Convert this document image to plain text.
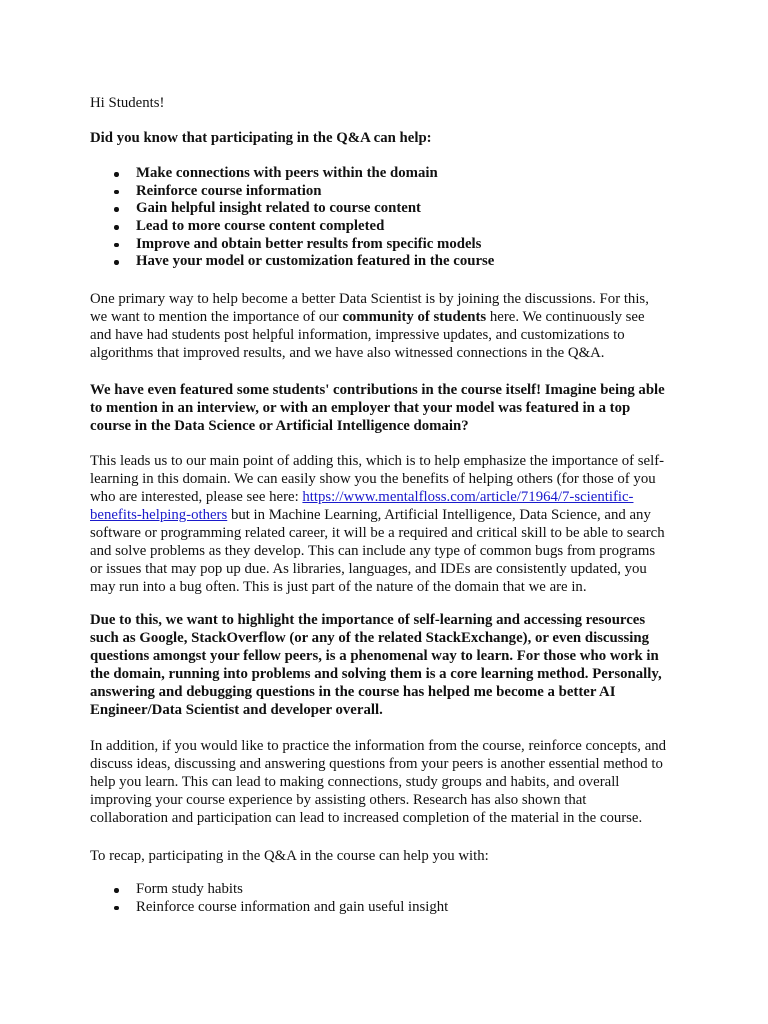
Hi Students!

Did you know that participating in the Q&A can help:

Make connections with peers within the domain
Reinforce course information
Gain helpful insight related to course content
Lead to more course content completed
Improve and obtain better results from specific models
Have your model or customization featured in the course
One primary way to help become a better Data Scientist is by joining the discussions. For this,
we want to mention the importance of our community of students here. We continuously see
and have had students post helpful information, impressive updates, and customizations to
algorithms that improved results, and we have also witnessed connections in the Q&A.
We have even featured some students' contributions in the course itself! Imagine being able
to mention in an interview, or with an employer that your model was featured in a top
course in the Data Science or Artificial Intelligence domain?
This leads us to our main point of adding this, which is to help emphasize the importance of self-
learning in this domain. We can easily show you the benefits of helping others (for those of you
who are interested, please see here: https://www.mentalfloss.com/article/71964/7-scientific-
benefits-helping-others but in Machine Learning, Artificial Intelligence, Data Science, and any
software or programming related career, it will be a required and critical skill to be able to search
and solve problems as they develop. This can include any type of common bugs from programs
or issues that may pop up due. As libraries, languages, and IDEs are consistently updated, you
may run into a bug often. This is just part of the nature of the domain that we are in.
Due to this, we want to highlight the importance of self-learning and accessing resources
such as Google, StackOverflow (or any of the related StackExchange), or even discussing
questions amongst your fellow peers, is a phenomenal way to learn. For those who work in
the domain, running into problems and solving them is a core learning method. Personally,
answering and debugging questions in the course has helped me become a better AI
Engineer/Data Scientist and developer overall.
In addition, if you would like to practice the information from the course, reinforce concepts, and
discuss ideas, discussing and answering questions from your peers is another essential method to
help you learn. This can lead to making connections, study groups and habits, and overall
improving your course experience by assisting others. Research has also shown that
collaboration and participation can lead to increased completion of the material in the course.

To recap, participating in the Q&A in the course can help you with:

Form study habits
Reinforce course information and gain useful insight
